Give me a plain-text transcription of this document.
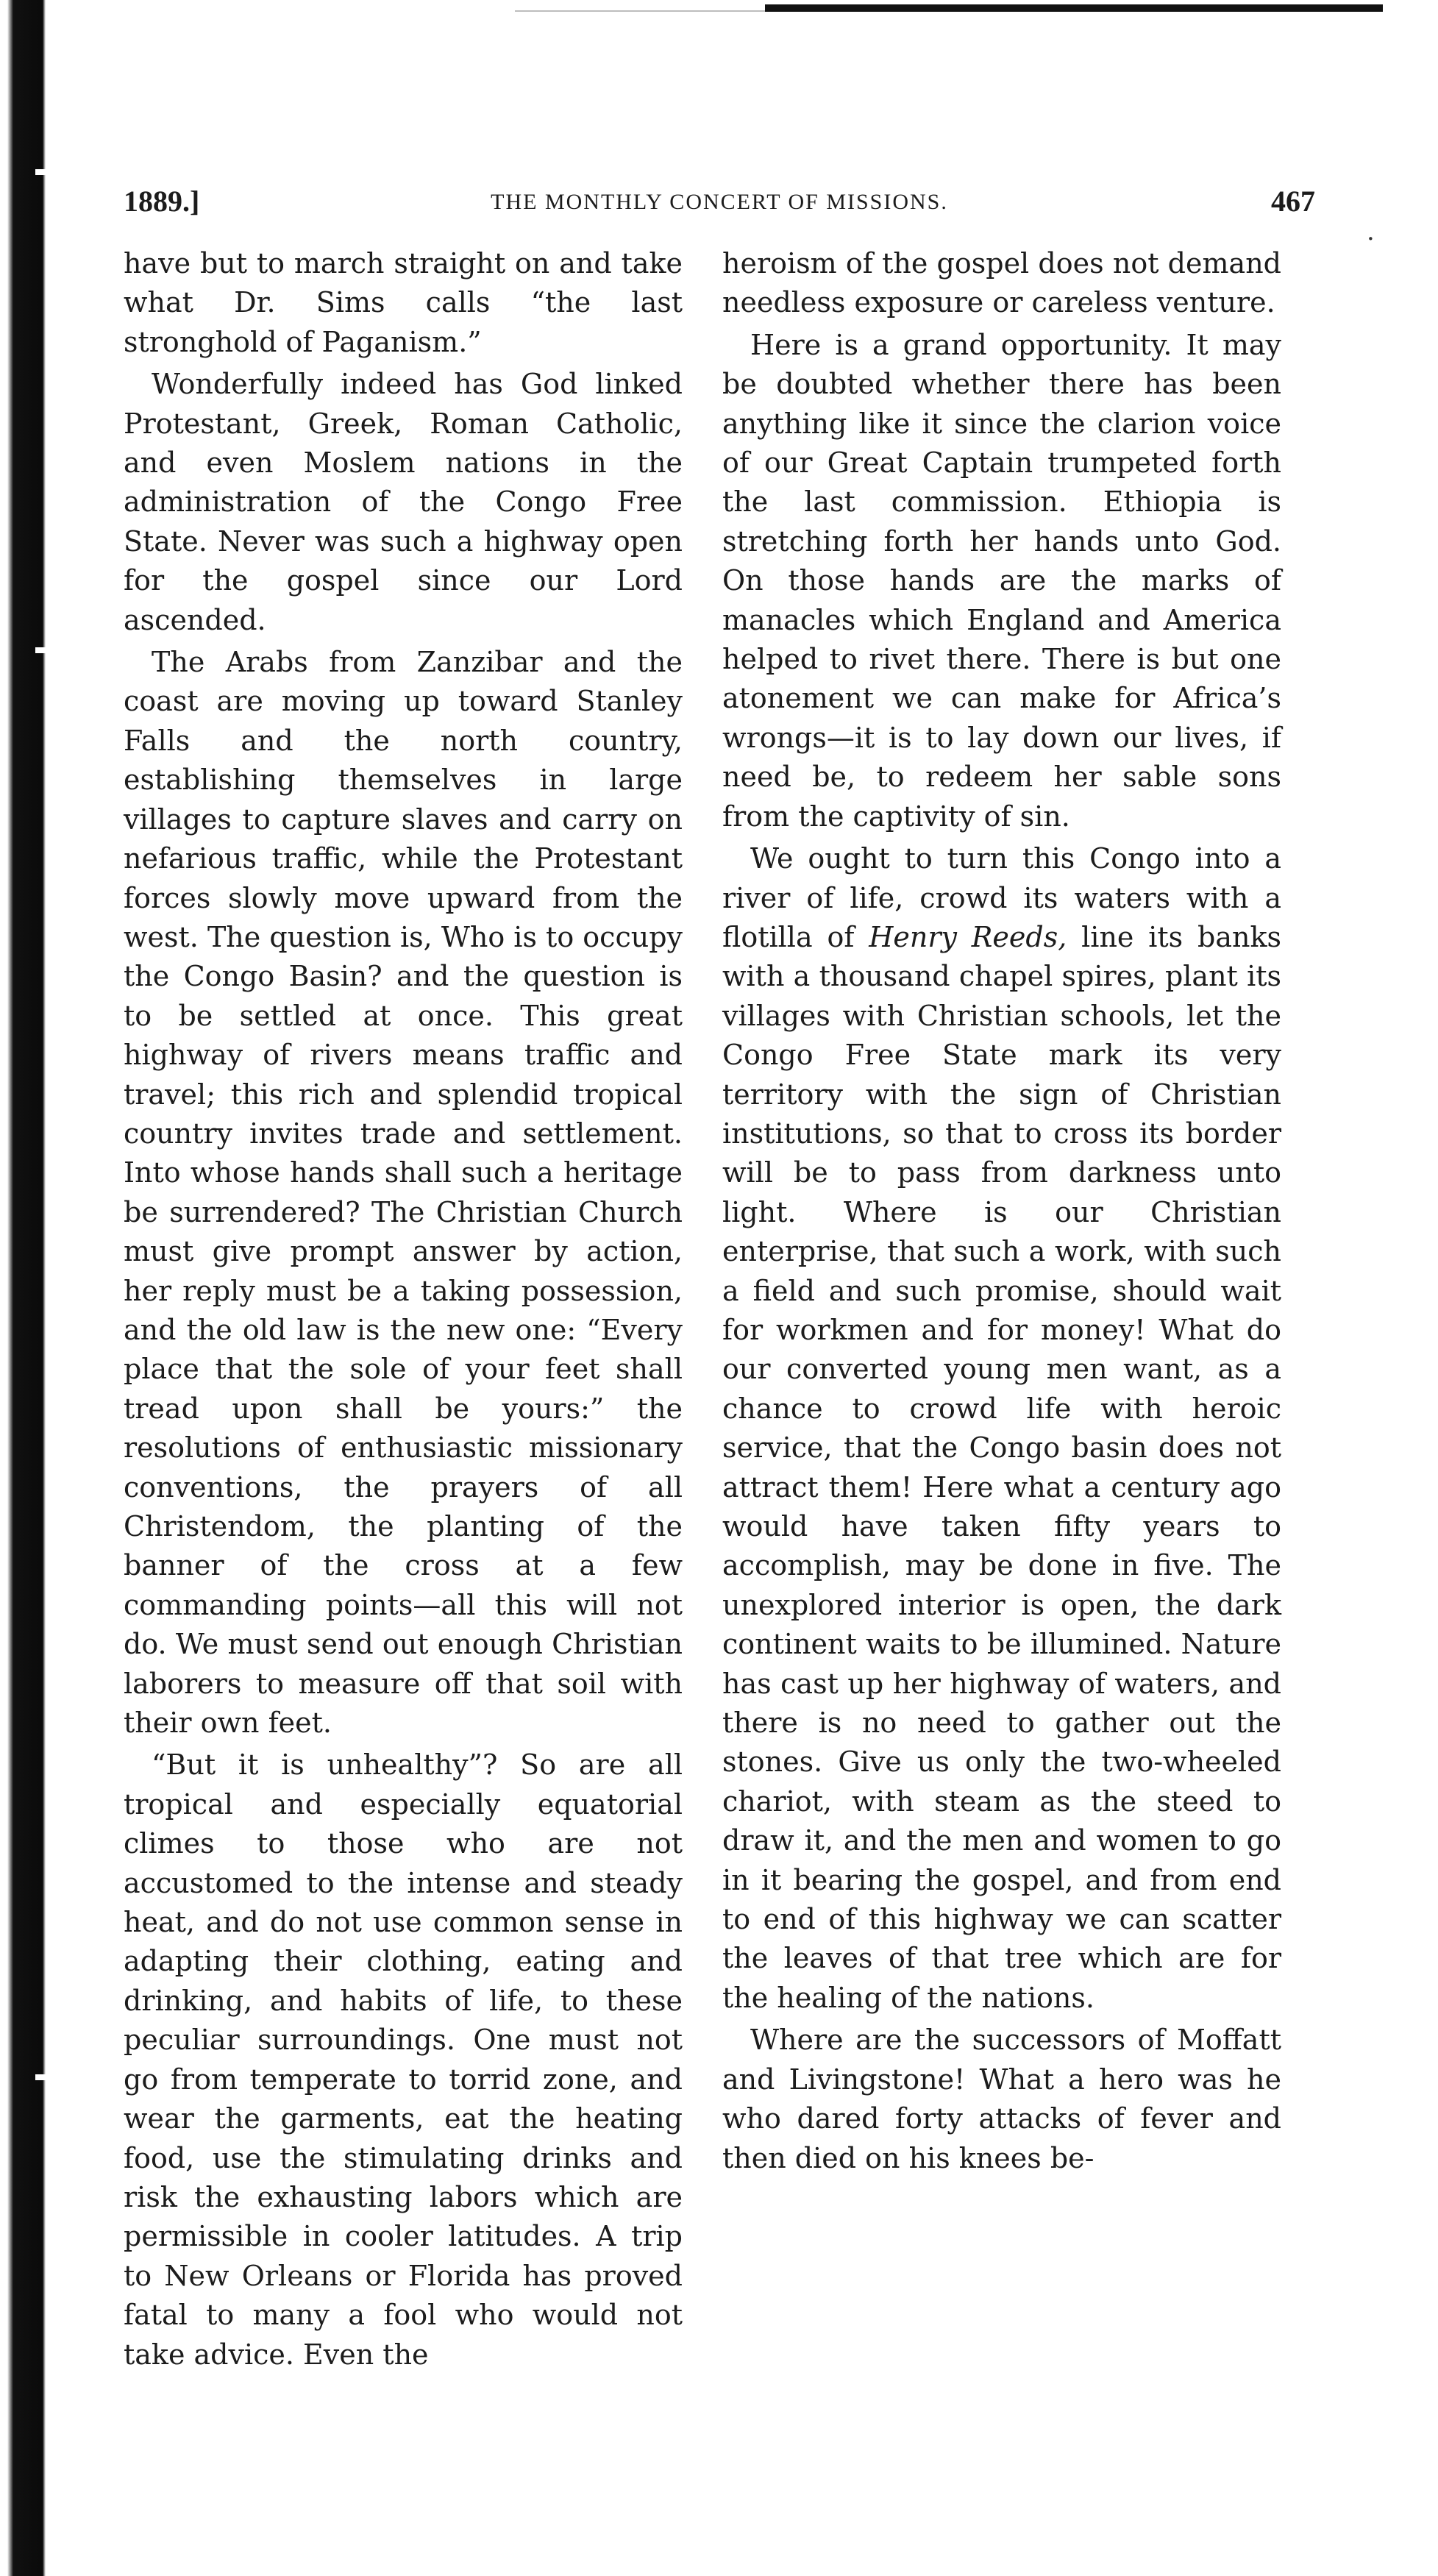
1889.]	THE MONTHLY CONCERT OF MISSIONS.	467
·

have but to march straight on and take what Dr. Sims calls “the last stronghold of Paganism.”

Wonderfully indeed has God linked Protestant, Greek, Roman Catholic, and even Moslem nations in the administration of the Congo Free State. Never was such a highway open for the gospel since our Lord ascended.

The Arabs from Zanzibar and the coast are moving up toward Stanley Falls and the north country, establishing themselves in large villages to capture slaves and carry on nefarious traffic, while the Protestant forces slowly move upward from the west. The question is, Who is to occupy the Congo Basin? and the question is to be settled at once. This great highway of rivers means traffic and travel; this rich and splendid tropical country invites trade and settlement. Into whose hands shall such a heritage be surrendered? The Christian Church must give prompt answer by action, her reply must be a taking possession, and the old law is the new one: “Every place that the sole of your feet shall tread upon shall be yours:” the resolutions of enthusiastic missionary conventions, the prayers of all Christendom, the planting of the banner of the cross at a few commanding points—all this will not do. We must send out enough Christian laborers to measure off that soil with their own feet.

“But it is unhealthy”? So are all tropical and especially equatorial climes to those who are not accustomed to the intense and steady heat, and do not use common sense in adapting their clothing, eating and drinking, and habits of life, to these peculiar surroundings. One must not go from temperate to torrid zone, and wear the garments, eat the heating food, use the stimulating drinks and risk the exhausting labors which are permissible in cooler latitudes. A trip to New Orleans or Florida has proved fatal to many a fool who would not take advice. Even the

heroism of the gospel does not demand needless exposure or careless venture.

Here is a grand opportunity. It may be doubted whether there has been anything like it since the clarion voice of our Great Captain trumpeted forth the last commission. Ethiopia is stretching forth her hands unto God. On those hands are the marks of manacles which England and America helped to rivet there. There is but one atonement we can make for Africa’s wrongs—it is to lay down our lives, if need be, to redeem her sable sons from the captivity of sin.

We ought to turn this Congo into a river of life, crowd its waters with a flotilla of Henry Reeds, line its banks with a thousand chapel spires, plant its villages with Christian schools, let the Congo Free State mark its very territory with the sign of Christian institutions, so that to cross its border will be to pass from darkness unto light. Where is our Christian enterprise, that such a work, with such a field and such promise, should wait for workmen and for money! What do our converted young men want, as a chance to crowd life with heroic service, that the Congo basin does not attract them! Here what a century ago would have taken fifty years to accomplish, may be done in five. The unexplored interior is open, the dark continent waits to be illumined. Nature has cast up her highway of waters, and there is no need to gather out the stones. Give us only the two-wheeled chariot, with steam as the steed to draw it, and the men and women to go in it bearing the gospel, and from end to end of this highway we can scatter the leaves of that tree which are for the healing of the nations.

Where are the successors of Moffatt and Livingstone! What a hero was he who dared forty attacks of fever and then died on his knees be-
